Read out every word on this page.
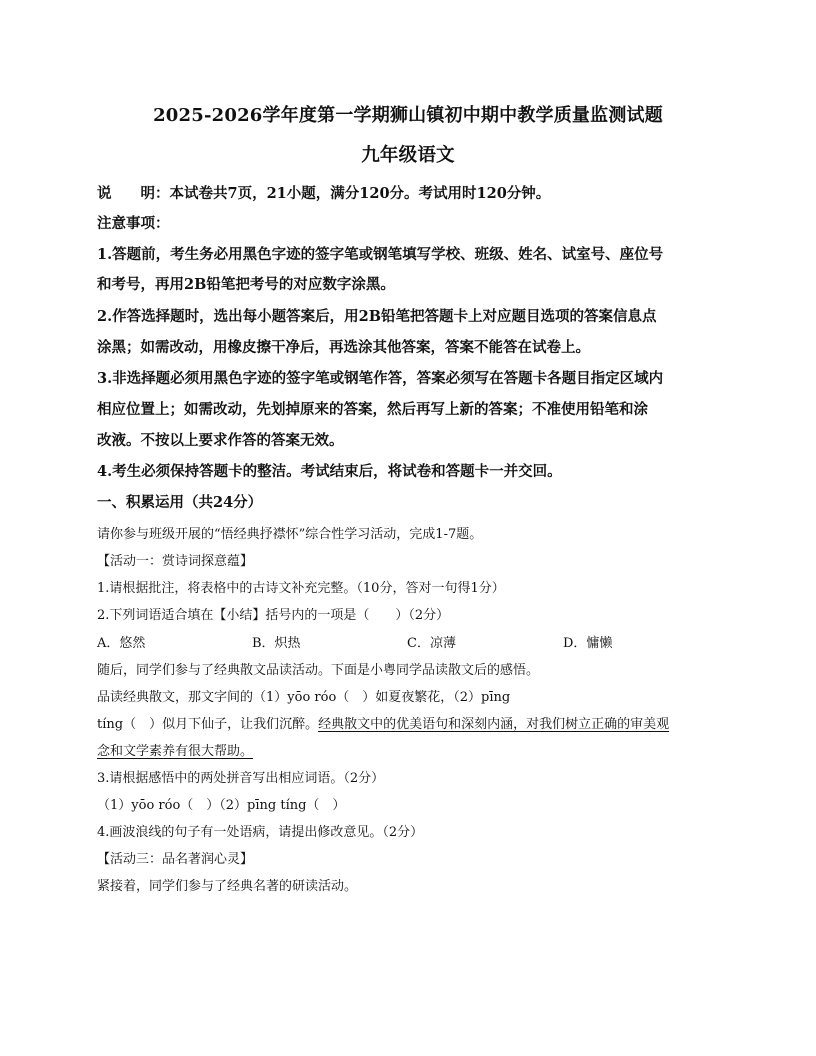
2025-2026学年度第一学期狮山镇初中期中教学质量监测试题
九年级语文
说　　明：本试卷共7页，21小题，满分120分。考试用时120分钟。
注意事项：
1.答题前，考生务必用黑色字迹的签字笔或钢笔填写学校、班级、姓名、试室号、座位号
和考号，再用2B铅笔把考号的对应数字涂黑。
2.作答选择题时，选出每小题答案后，用2B铅笔把答题卡上对应题目选项的答案信息点
涂黑；如需改动，用橡皮擦干净后，再选涂其他答案，答案不能答在试卷上。
3.非选择题必须用黑色字迹的签字笔或钢笔作答，答案必须写在答题卡各题目指定区域内
相应位置上；如需改动，先划掉原来的答案，然后再写上新的答案；不准使用铅笔和涂
改液。不按以上要求作答的答案无效。
4.考生必须保持答题卡的整洁。考试结束后，将试卷和答题卡一并交回。
一、积累运用（共24分）
请你参与班级开展的“悟经典抒襟怀”综合性学习活动，完成1-7题。
【活动一：赏诗词探意蕴】
1.请根据批注，将表格中的古诗文补充完整。（10分，答对一句得1分）
2.下列词语适合填在【小结】括号内的一项是（　　）（2分）
A．悠然	B．炽热	C．凉薄	D．慵懒
随后，同学们参与了经典散文品读活动。下面是小粤同学品读散文后的感悟。
品读经典散文，那文字间的（1）yōo róo（　）如夏夜繁花，（2）pīng
tíng（　）似月下仙子，让我们沉醉。经典散文中的优美语句和深刻内涵，对我们树立正确的审美观
念和文学素养有很大帮助。
3.请根据感悟中的两处拼音写出相应词语。（2分）
（1）yōo róo（　）（2）pīng tíng（　）
4.画波浪线的句子有一处语病，请提出修改意见。（2分）
【活动三：品名著润心灵】
紧接着，同学们参与了经典名著的研读活动。
